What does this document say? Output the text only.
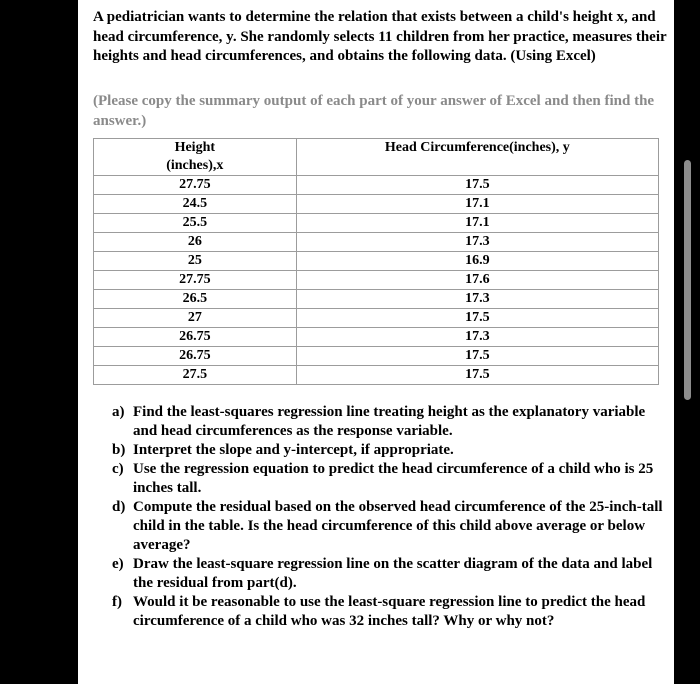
A pediatrician wants to determine the relation that exists between a child's height x, and head circumference, y. She randomly selects 11 children from her practice, measures their heights and head circumferences, and obtains the following data. (Using Excel)
(Please copy the summary output of each part of your answer of Excel and then find the answer.)
Height (inches),x	Head Circumference(inches), y
27.75	17.5
24.5	17.1
25.5	17.1
26	17.3
25	16.9
27.75	17.6
26.5	17.3
27	17.5
26.75	17.3
26.75	17.5
27.5	17.5
a) Find the least-squares regression line treating height as the explanatory variable and head circumferences as the response variable.
b) Interpret the slope and y-intercept, if appropriate.
c) Use the regression equation to predict the head circumference of a child who is 25 inches tall.
d) Compute the residual based on the observed head circumference of the 25-inch-tall child in the table. Is the head circumference of this child above average or below average?
e) Draw the least-square regression line on the scatter diagram of the data and label the residual from part(d).
f) Would it be reasonable to use the least-square regression line to predict the head circumference of a child who was 32 inches tall? Why or why not?
